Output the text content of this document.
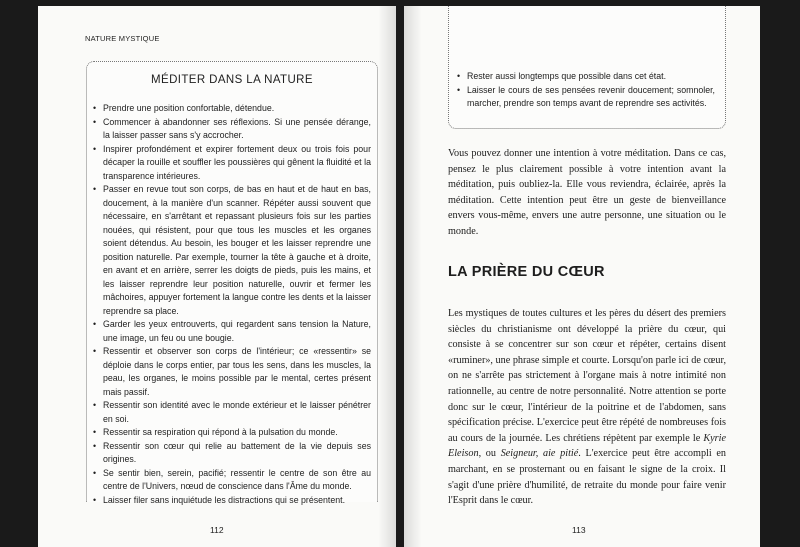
NATURE MYSTIQUE
MÉDITER DANS LA NATURE
• Prendre une position confortable, détendue.
• Commencer à abandonner ses réflexions. Si une pensée dérange, la laisser passer sans s'y accrocher.
• Inspirer profondément et expirer fortement deux ou trois fois pour décaper la rouille et souffler les poussières qui gênent la fluidité et la transparence intérieures.
• Passer en revue tout son corps, de bas en haut et de haut en bas, doucement, à la manière d'un scanner. Répéter aussi souvent que nécessaire, en s'arrêtant et repassant plusieurs fois sur les parties nouées, qui résistent, pour que tous les muscles et les organes soient détendus. Au besoin, les bouger et les laisser reprendre une position naturelle. Par exemple, tourner la tête à gauche et à droite, en avant et en arrière, serrer les doigts de pieds, puis les mains, et les laisser reprendre leur position naturelle, ouvrir et fermer les mâchoires, appuyer fortement la langue contre les dents et la laisser reprendre sa place.
• Garder les yeux entrouverts, qui regardent sans tension la Nature, une image, un feu ou une bougie.
• Ressentir et observer son corps de l'intérieur; ce «ressentir» se déploie dans le corps entier, par tous les sens, dans les muscles, la peau, les organes, le moins possible par le mental, certes présent mais passif.
• Ressentir son identité avec le monde extérieur et le laisser pénétrer en soi.
• Ressentir sa respiration qui répond à la pulsation du monde.
• Ressentir son cœur qui relie au battement de la vie depuis ses origines.
• Se sentir bien, serein, pacifié; ressentir le centre de son être au centre de l'Univers, nœud de conscience dans l'Âme du monde.
• Laisser filer sans inquiétude les distractions qui se présentent.
112
• Rester aussi longtemps que possible dans cet état.
• Laisser le cours de ses pensées revenir doucement; somnoler, marcher, prendre son temps avant de reprendre ses activités.

Vous pouvez donner une intention à votre méditation. Dans ce cas, pensez le plus clairement possible à votre intention avant la méditation, puis oubliez-la. Elle vous reviendra, éclairée, après la méditation. Cette intention peut être un geste de bienveillance envers vous-même, envers une autre personne, une situation ou le monde.

LA PRIÈRE DU CŒUR

Les mystiques de toutes cultures et les pères du désert des premiers siècles du christianisme ont développé la prière du cœur, qui consiste à se concentrer sur son cœur et répéter, certains disent «ruminer», une phrase simple et courte. Lorsqu'on parle ici de cœur, on ne s'arrête pas strictement à l'organe mais à notre intimité non rationnelle, au centre de notre personnalité. Notre attention se porte donc sur le cœur, l'intérieur de la poitrine et de l'abdomen, sans spécification précise. L'exercice peut être répété de nombreuses fois au cours de la journée. Les chrétiens répètent par exemple le Kyrie Eleison, ou Seigneur, aie pitié. L'exercice peut être accompli en marchant, en se prosternant ou en faisant le signe de la croix. Il s'agit d'une prière d'humilité, de retraite du monde pour faire venir l'Esprit dans le cœur.

113
